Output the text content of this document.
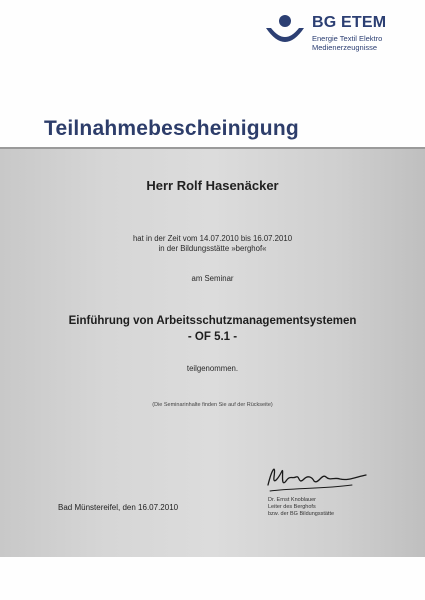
BG ETEM
Energie Textil Elektro
Medienerzeugnisse
Teilnahmebescheinigung
Herr Rolf Hasenäcker
hat in der Zeit vom 14.07.2010 bis 16.07.2010
in der Bildungsstätte »berghof«
am Seminar
Einführung von Arbeitsschutzmanagementsystemen
- OF 5.1 -
teilgenommen.
(Die Seminarinhalte finden Sie auf der Rückseite)
Bad Münstereifel, den 16.07.2010
Dr. Ernst Knoblauer
Leiter des Berghofs
bzw. der BG Bildungsstätte
